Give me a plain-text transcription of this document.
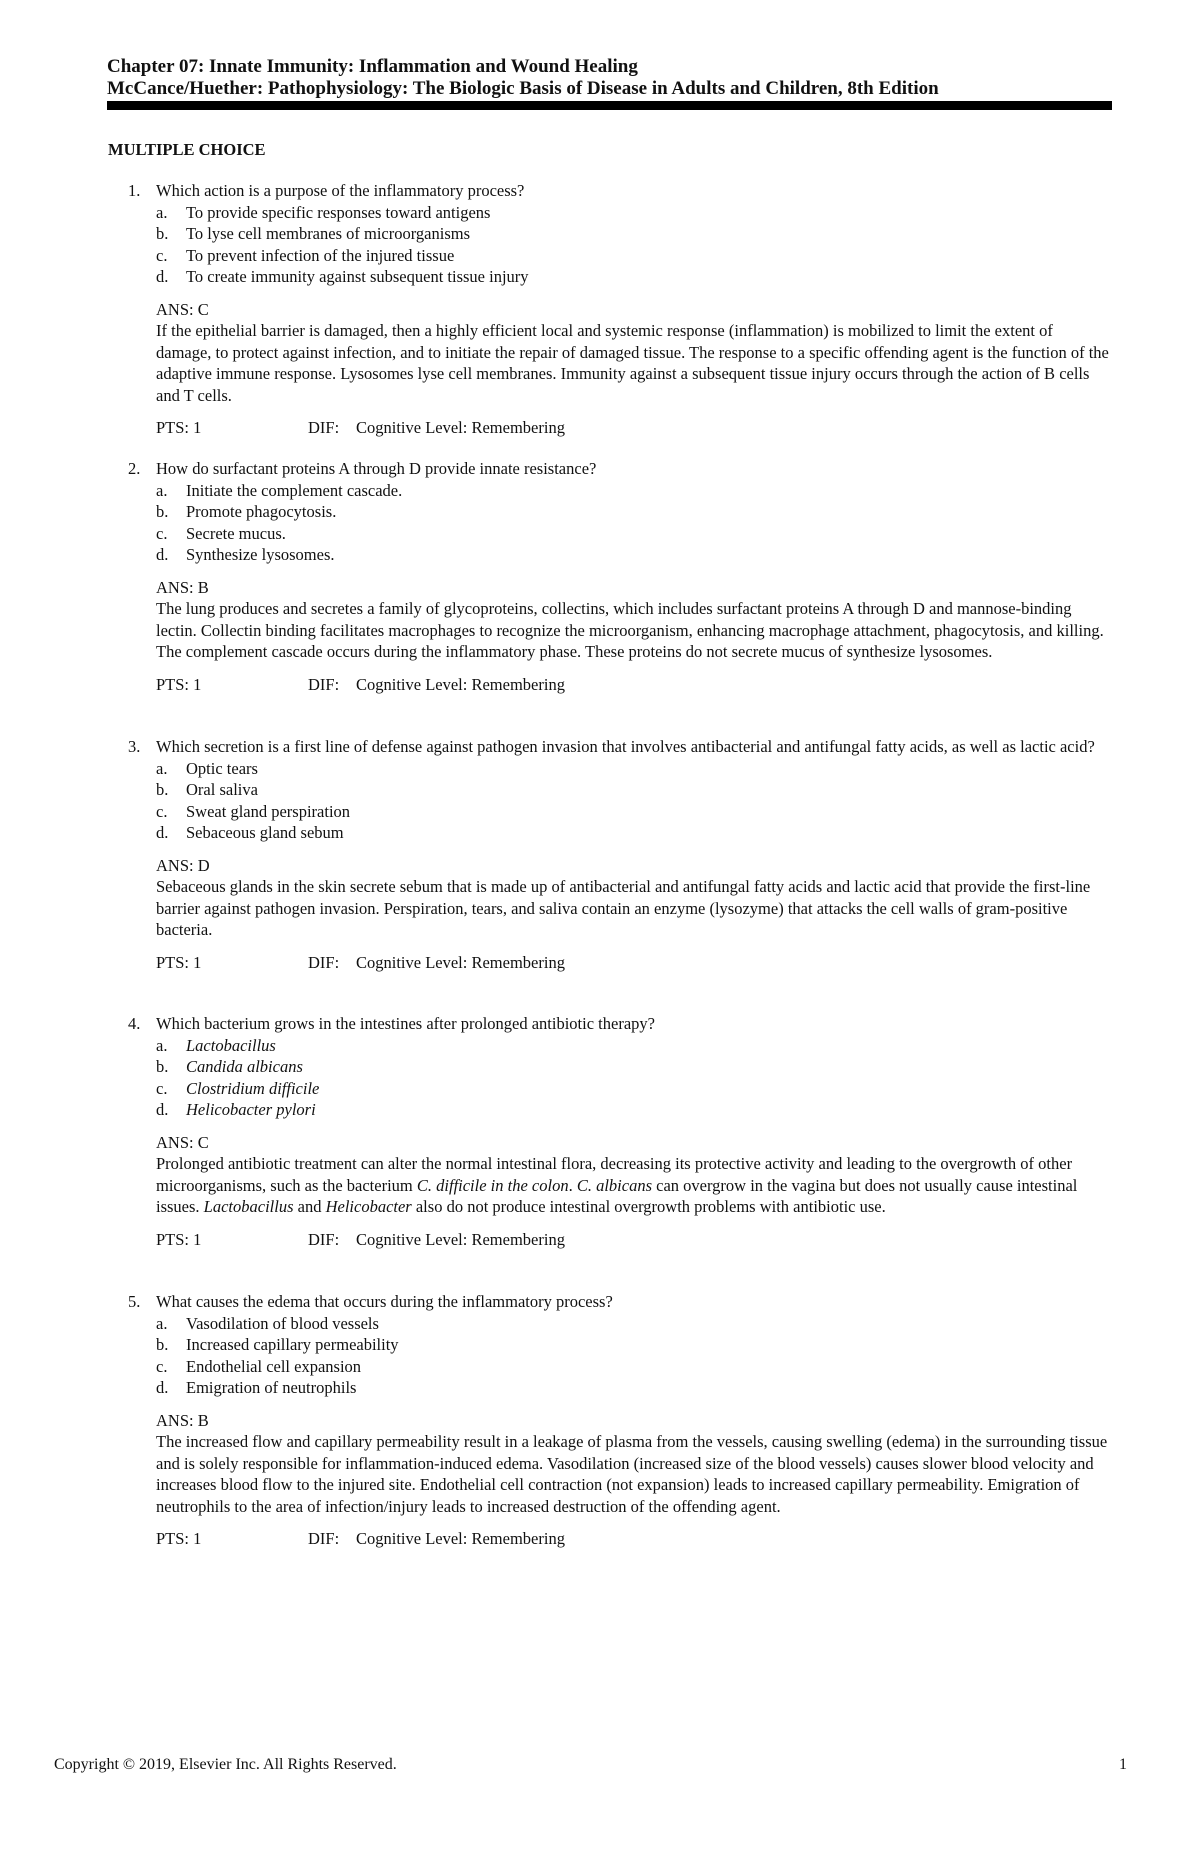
Chapter 07: Innate Immunity: Inflammation and Wound Healing
McCance/Huether: Pathophysiology: The Biologic Basis of Disease in Adults and Children, 8th Edition
MULTIPLE CHOICE
1. Which action is a purpose of the inflammatory process?
a. To provide specific responses toward antigens
b. To lyse cell membranes of microorganisms
c. To prevent infection of the injured tissue
d. To create immunity against subsequent tissue injury
ANS: C
If the epithelial barrier is damaged, then a highly efficient local and systemic response (inflammation) is mobilized to limit the extent of damage, to protect against infection, and to initiate the repair of damaged tissue. The response to a specific offending agent is the function of the adaptive immune response. Lysosomes lyse cell membranes. Immunity against a subsequent tissue injury occurs through the action of B cells and T cells.
PTS: 1	DIF:	Cognitive Level: Remembering
2. How do surfactant proteins A through D provide innate resistance?
a. Initiate the complement cascade.
b. Promote phagocytosis.
c. Secrete mucus.
d. Synthesize lysosomes.
ANS: B
The lung produces and secretes a family of glycoproteins, collectins, which includes surfactant proteins A through D and mannose-binding lectin. Collectin binding facilitates macrophages to recognize the microorganism, enhancing macrophage attachment, phagocytosis, and killing. The complement cascade occurs during the inflammatory phase. These proteins do not secrete mucus of synthesize lysosomes.
PTS: 1	DIF:	Cognitive Level: Remembering
3. Which secretion is a first line of defense against pathogen invasion that involves antibacterial and antifungal fatty acids, as well as lactic acid?
a. Optic tears
b. Oral saliva
c. Sweat gland perspiration
d. Sebaceous gland sebum
ANS: D
Sebaceous glands in the skin secrete sebum that is made up of antibacterial and antifungal fatty acids and lactic acid that provide the first-line barrier against pathogen invasion. Perspiration, tears, and saliva contain an enzyme (lysozyme) that attacks the cell walls of gram-positive bacteria.
PTS: 1	DIF:	Cognitive Level: Remembering
4. Which bacterium grows in the intestines after prolonged antibiotic therapy?
a. Lactobacillus
b. Candida albicans
c. Clostridium difficile
d. Helicobacter pylori
ANS: C
Prolonged antibiotic treatment can alter the normal intestinal flora, decreasing its protective activity and leading to the overgrowth of other microorganisms, such as the bacterium C. difficile in the colon. C. albicans can overgrow in the vagina but does not usually cause intestinal issues. Lactobacillus and Helicobacter also do not produce intestinal overgrowth problems with antibiotic use.
PTS: 1	DIF:	Cognitive Level: Remembering
5. What causes the edema that occurs during the inflammatory process?
a. Vasodilation of blood vessels
b. Increased capillary permeability
c. Endothelial cell expansion
d. Emigration of neutrophils
ANS: B
The increased flow and capillary permeability result in a leakage of plasma from the vessels, causing swelling (edema) in the surrounding tissue and is solely responsible for inflammation-induced edema. Vasodilation (increased size of the blood vessels) causes slower blood velocity and increases blood flow to the injured site. Endothelial cell contraction (not expansion) leads to increased capillary permeability. Emigration of neutrophils to the area of infection/injury leads to increased destruction of the offending agent.
PTS: 1	DIF:	Cognitive Level: Remembering
Copyright © 2019, Elsevier Inc. All Rights Reserved.	1
